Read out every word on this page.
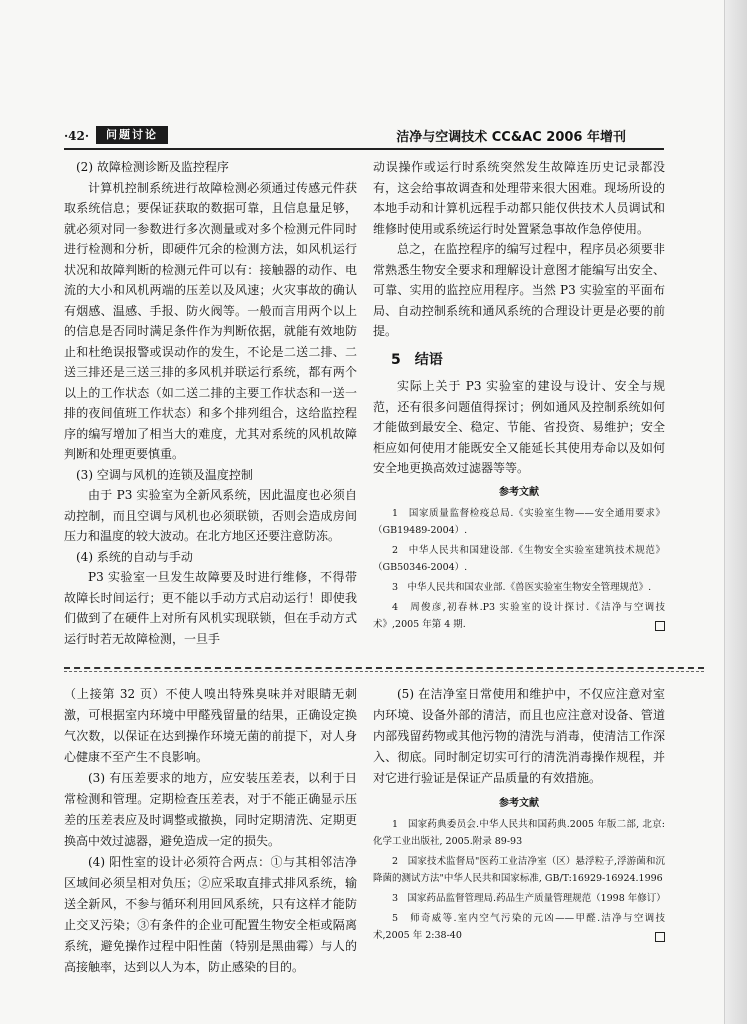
·42·	问题讨论	洁净与空调技术 CC&AC 2006 年增刊

(2) 故障检测诊断及监控程序

计算机控制系统进行故障检测必须通过传感元件获取系统信息；要保证获取的数据可靠，且信息量足够，就必须对同一参数进行多次测量或对多个检测元件同时进行检测和分析，即硬件冗余的检测方法，如风机运行状况和故障判断的检测元件可以有：接触器的动作、电流的大小和风机两端的压差以及风速；火灾事故的确认有烟感、温感、手报、防火阀等。一般而言用两个以上的信息是否同时满足条件作为判断依据，就能有效地防止和杜绝误报警或误动作的发生，不论是二送二排、二送三排还是三送三排的多风机并联运行系统，都有两个以上的工作状态（如二送二排的主要工作状态和一送一排的夜间值班工作状态）和多个排列组合，这给监控程序的编写增加了相当大的难度，尤其对系统的风机故障判断和处理更要慎重。

(3) 空调与风机的连锁及温度控制

由于 P3 实验室为全新风系统，因此温度也必须自动控制，而且空调与风机也必须联锁，否则会造成房间压力和温度的较大波动。在北方地区还要注意防冻。

(4) 系统的自动与手动

P3 实验室一旦发生故障要及时进行维修，不得带故障长时间运行；更不能以手动方式启动运行！即使我们做到了在硬件上对所有风机实现联锁，但在手动方式运行时若无故障检测，一旦手

动误操作或运行时系统突然发生故障连历史记录都没有，这会给事故调查和处理带来很大困难。现场所设的本地手动和计算机远程手动都只能仅供技术人员调试和维修时使用或系统运行时处置紧急事故作急停使用。

总之，在监控程序的编写过程中，程序员必须要非常熟悉生物安全要求和理解设计意图才能编写出安全、可靠、实用的监控应用程序。当然 P3 实验室的平面布局、自动控制系统和通风系统的合理设计更是必要的前提。

5　结语

实际上关于 P3 实验室的建设与设计、安全与规范，还有很多问题值得探讨；例如通风及控制系统如何才能做到最安全、稳定、节能、省投资、易维护；安全柜应如何使用才能既安全又能延长其使用寿命以及如何安全地更换高效过滤器等等。

参考文献
1　国家质量监督检疫总局.《实验室生物——安全通用要求》（GB19489-2004）.
2　中华人民共和国建设部.《生物安全实验室建筑技术规范》（GB50346-2004）.
3　中华人民共和国农业部.《兽医实验室生物安全管理规范》.
4　周俊彦,初春林.P3 实验室的设计探讨.《洁净与空调技术》,2005 年第 4 期.

（上接第 32 页）不使人嗅出特殊臭味并对眼睛无刺激，可根据室内环境中甲醛残留量的结果，正确设定换气次数，以保证在达到操作环境无菌的前提下，对人身心健康不至产生不良影响。

(3) 有压差要求的地方，应安装压差表，以利于日常检测和管理。定期检查压差表，对于不能正确显示压差的压差表应及时调整或撤换，同时定期清洗、定期更换高中效过滤器，避免造成一定的损失。

(4) 阳性室的设计必须符合两点：①与其相邻洁净区域间必须呈相对负压；②应采取直排式排风系统，输送全新风，不参与循环利用回风系统，只有这样才能防止交叉污染；③有条件的企业可配置生物安全柜或隔离系统，避免操作过程中阳性菌（特别是黑曲霉）与人的高接触率，达到以人为本，防止感染的目的。

(5) 在洁净室日常使用和维护中，不仅应注意对室内环境、设备外部的清洁，而且也应注意对设备、管道内部残留药物或其他污物的清洗与消毒，使清洁工作深入、彻底。同时制定切实可行的清洗消毒操作规程，并对它进行验证是保证产品质量的有效措施。

参考文献
1　国家药典委员会.中华人民共和国药典.2005 年版二部, 北京: 化学工业出版社, 2005.附录 89-93
2　国家技术监督局"医药工业洁净室（区）悬浮粒子,浮游菌和沉降菌的测试方法"中华人民共和国家标准, GB/T:16929-16924.1996
3　国家药品监督管理局.药品生产质量管理规范（1998 年修订）
5　师奇威等.室内空气污染的元凶——甲醛.洁净与空调技术,2005 年 2:38-40
